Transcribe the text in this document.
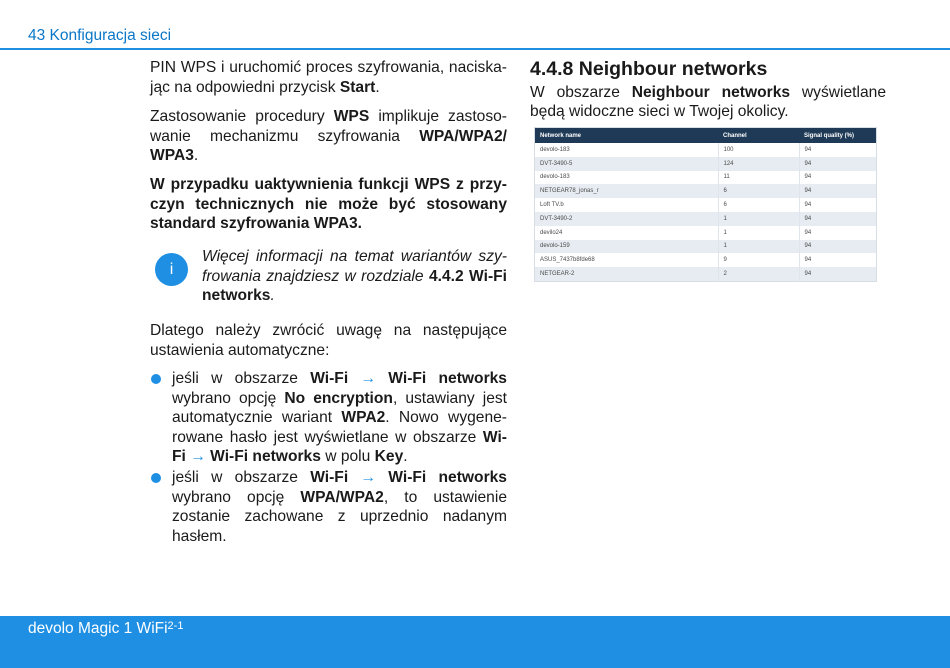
43 Konfiguracja sieci

PIN WPS i uruchomić proces szyfrowania, naciska- jąc na odpowiedni przycisk Start.

Zastosowanie procedury WPS implikuje zastoso- wanie mechanizmu szyfrowania WPA/WPA2/ WPA3.

W przypadku uaktywnienia funkcji WPS z przy- czyn technicznych nie może być stosowany standard szyfrowania WPA3.

i

Więcej informacji na temat wariantów szy- frowania znajdziesz w rozdziale 4.4.2 Wi-Fi networks.

Dlatego należy zwrócić uwagę na następujące ustawienia automatyczne:

jeśli w obszarze Wi-Fi → Wi-Fi networks wybrano opcję No encryption, ustawiany jest automatycznie wariant WPA2. Nowo wygene- rowane hasło jest wyświetlane w obszarze Wi- Fi → Wi-Fi networks w polu Key.

jeśli w obszarze Wi-Fi → Wi-Fi networks wybrano opcję WPA/WPA2, to ustawienie zostanie zachowane z uprzednio nadanym hasłem.

4.4.8 Neighbour networks

W obszarze Neighbour networks wyświetlane będą widoczne sieci w Twojej okolicy.

Network name	Channel	Signal quality (%)
devolo-183	100	94
DVT-3490-5	124	94
devolo-183	11	94
NETGEAR78_jonas_r	6	94
Loft TV.b	6	94
DVT-3490-2	1	94
devilo24	1	94
devolo-159	1	94
ASUS_7437b8fde68	9	94
NETGEAR-2	2	94
devolo Magic 1 WiFi$^{2-1}$
